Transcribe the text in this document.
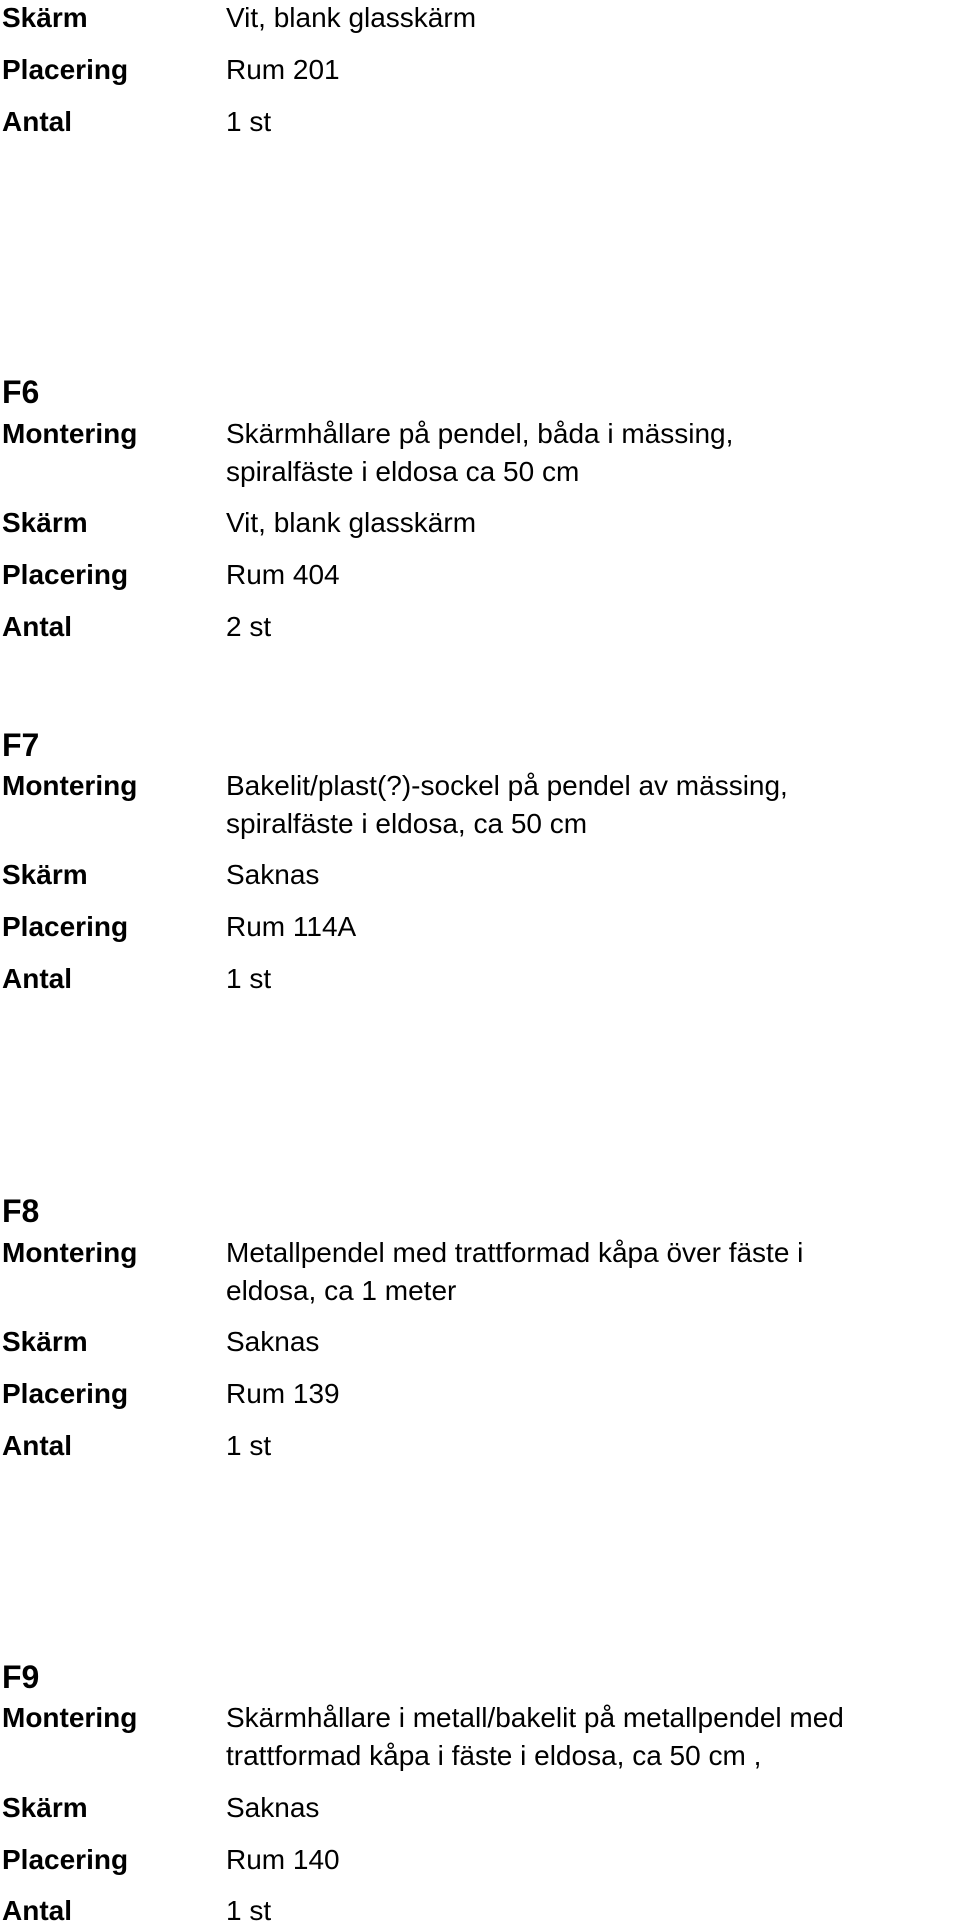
Skärm	Vit, blank glasskärm
Placering	Rum 201
Antal	1 st
F6
Montering	Skärmhållare på pendel, båda i mässing,
spiralfäste i eldosa ca 50 cm
Skärm	Vit, blank glasskärm
Placering	Rum 404
Antal	2 st
F7
Montering	Bakelit/plast(?)-sockel på pendel av mässing,
spiralfäste i eldosa, ca 50 cm
Skärm	Saknas
Placering	Rum 114A
Antal	1 st
F8
Montering	Metallpendel med trattformad kåpa över fäste i
eldosa, ca 1 meter
Skärm	Saknas
Placering	Rum 139
Antal	1 st
F9
Montering	Skärmhållare i metall/bakelit på metallpendel med
trattformad kåpa i fäste i eldosa, ca 50 cm ,
Skärm	Saknas
Placering	Rum 140
Antal	1 st
